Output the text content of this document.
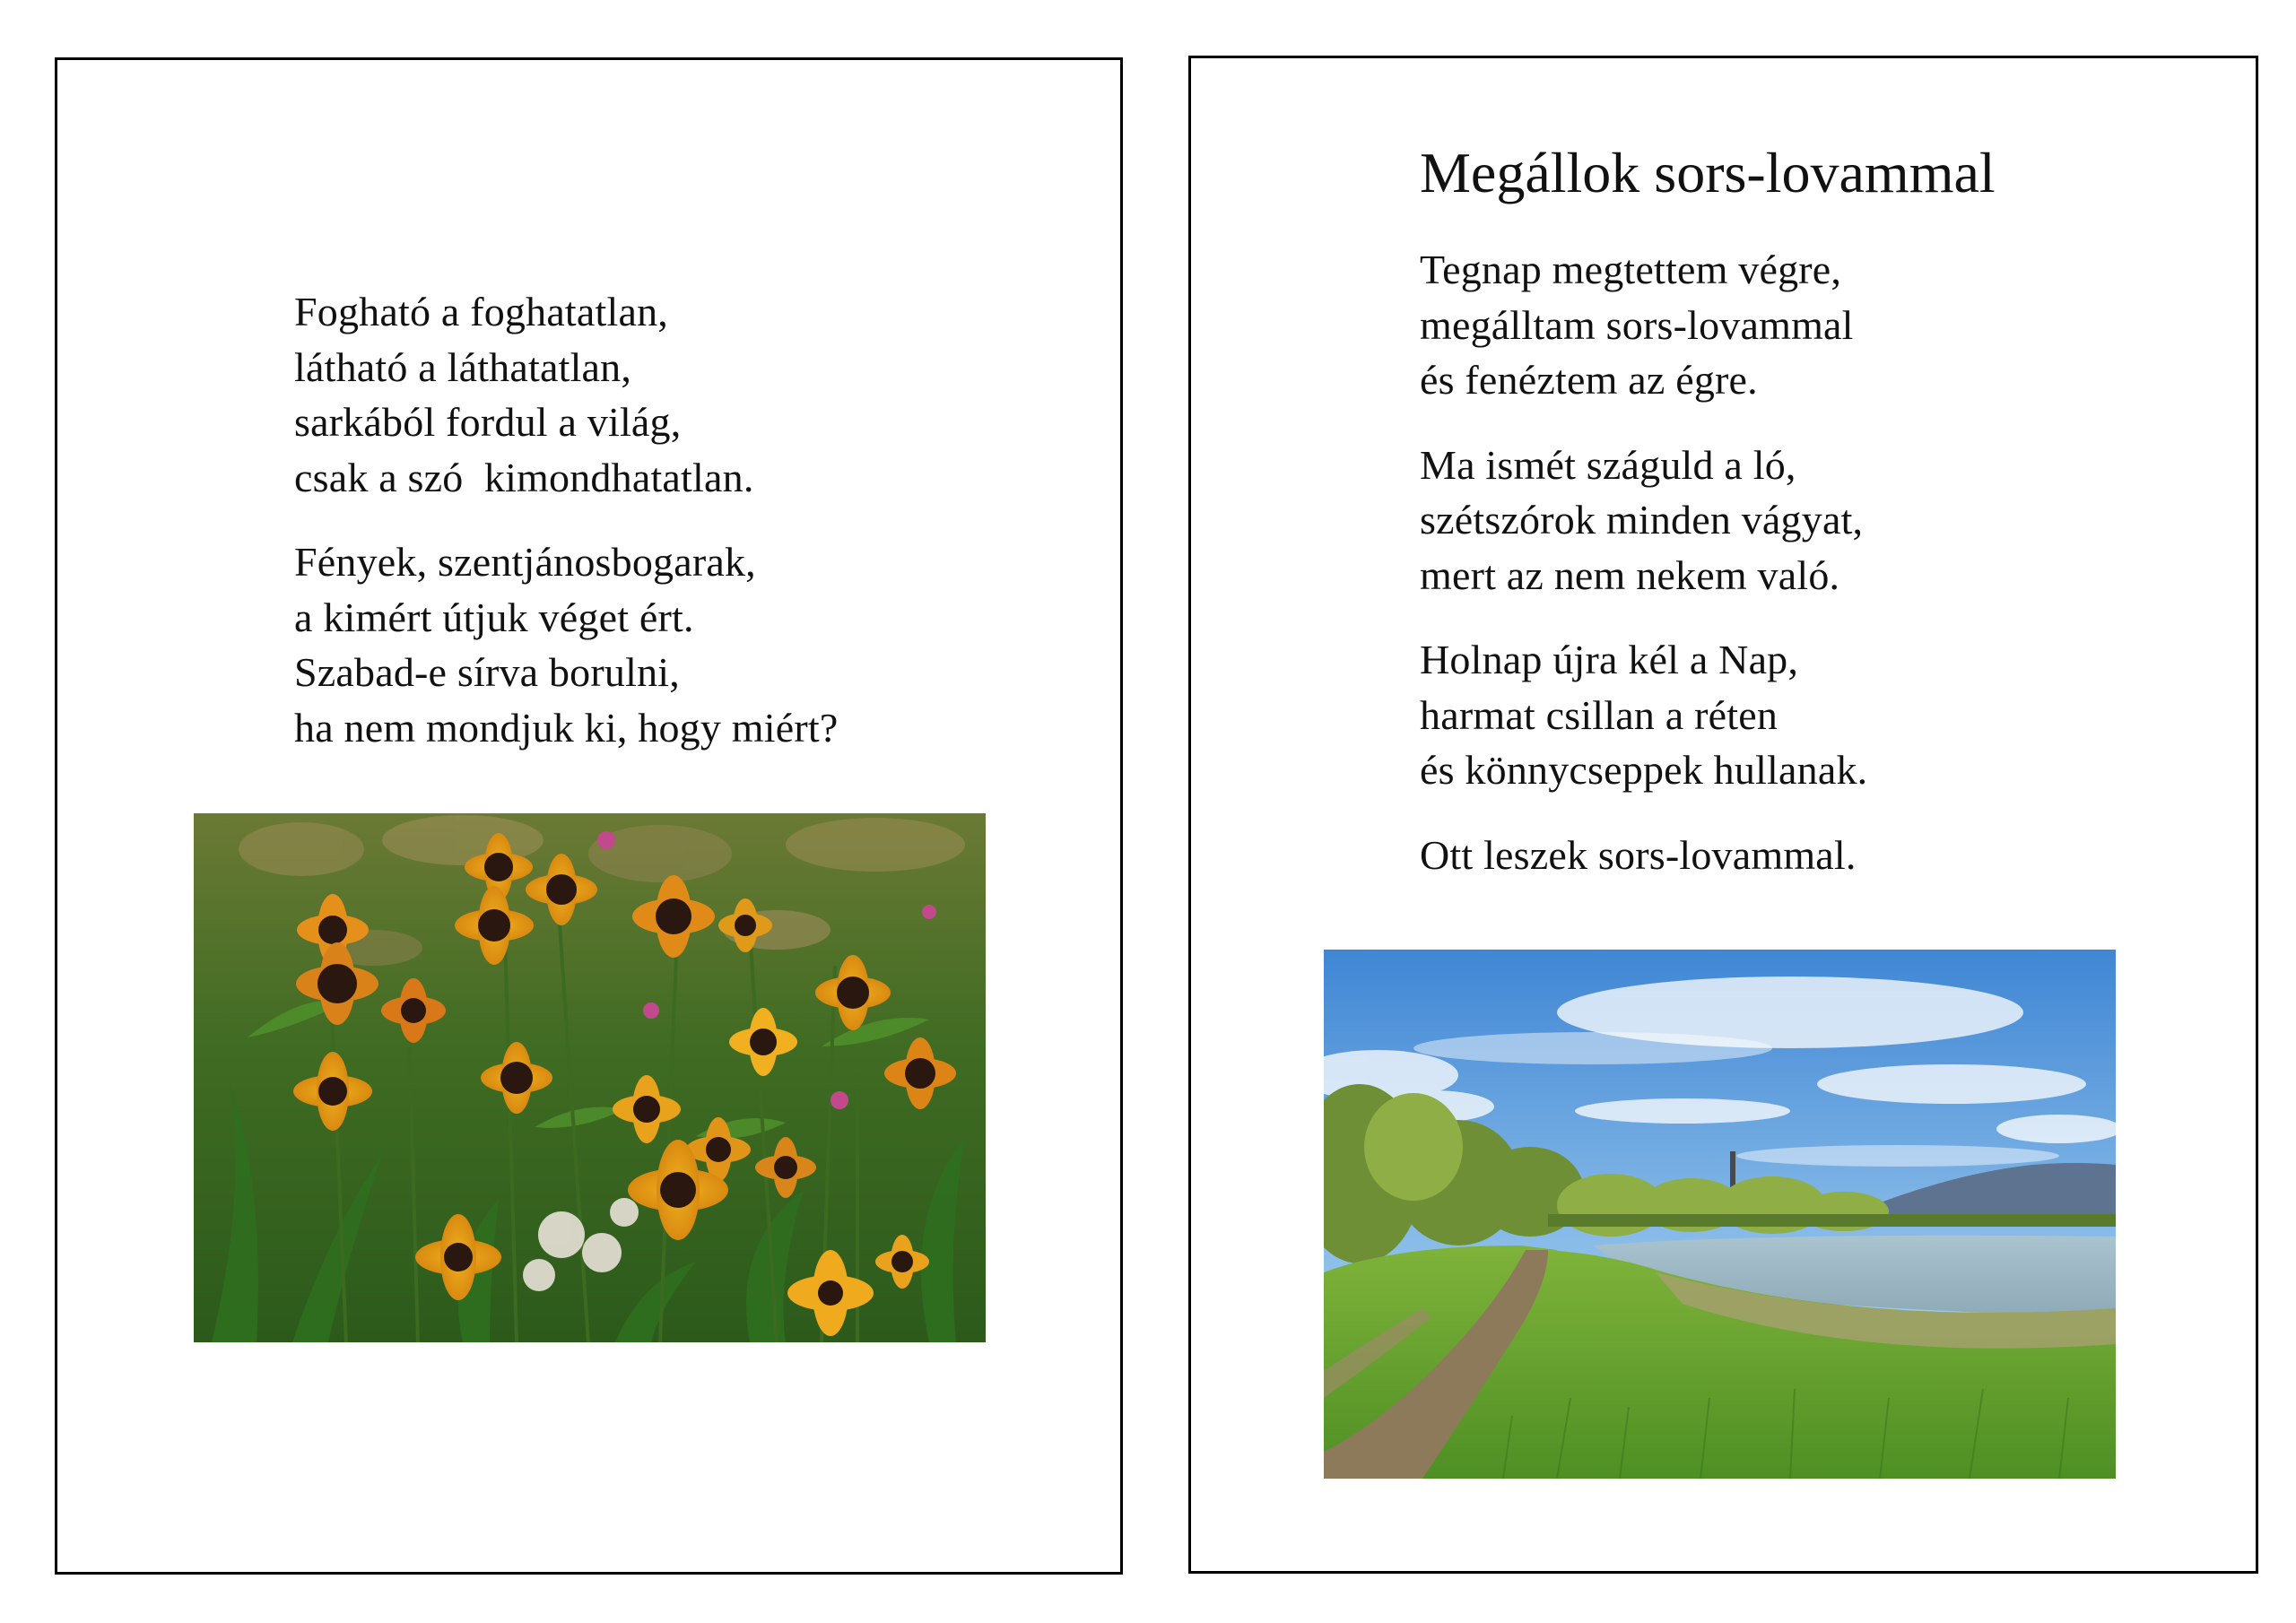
Fogható a foghatatlan,
látható a láthatatlan,
sarkából fordul a világ,
csak a szó  kimondhatatlan.
Fények, szentjánosbogarak,
a kimért útjuk véget ért.
Szabad-e sírva borulni,
ha nem mondjuk ki, hogy miért?
Megállok sors-lovammal
Tegnap megtettem végre,
megálltam sors-lovammal
és fenéztem az égre.
Ma ismét száguld a ló,
szétszórok minden vágyat,
mert az nem nekem való.
Holnap újra kél a Nap,
harmat csillan a réten
és könnycseppek hullanak.
Ott leszek sors-lovammal.
